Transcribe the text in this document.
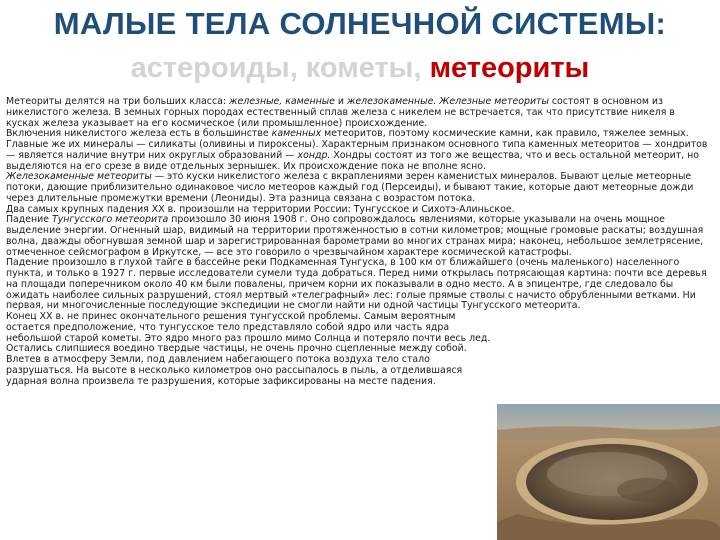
МАЛЫЕ ТЕЛА СОЛНЕЧНОЙ СИСТЕМЫ:
астероиды, кометы, метеориты

Метеориты делятся на три больших класса: железные, каменные и железокаменные. Железные метеориты состоят в основном из никелистого железа. В земных горных породах естественный сплав железа с никелем не встречается, так что присутствие никеля в кусках железа указывает на его космическое (или промышленное) происхождение.

Включения никелистого железа есть в большинстве каменных метеоритов, поэтому космические камни, как правило, тяжелее земных. Главные же их минералы — силикаты (оливины и пироксены). Характерным признаком основного типа каменных метеоритов — хондритов — является наличие внутри них округлых образований — хондр. Хондры состоят из того же вещества, что и весь остальной метеорит, но выделяются на его срезе в виде отдельных зернышек. Их происхождение пока не вполне ясно.

Железокаменные метеориты — это куски никелистого железа с вкраплениями зерен каменистых минералов. Бывают целые метеорные потоки, дающие приблизительно одинаковое число метеоров каждый год (Персеиды), и бывают такие, которые дают метеорные дожди через длительные промежутки времени (Леониды). Эта разница связана с возрастом потока.

Два самых крупных падения XX в. произошли на территории России: Тунгусское и Сихотэ-Алиньское.

Падение Тунгусского метеорита произошло 30 июня 1908 г. Оно сопровождалось явлениями, которые указывали на очень мощное выделение энергии. Огненный шар, видимый на территории протяженностью в сотни километров; мощные громовые раскаты; воздушная волна, дважды обогнувшая земной шар и зарегистрированная барометрами во многих странах мира; наконец, небольшое землетрясение, отмеченное сейсмографом в Иркутске, — все это говорило о чрезвычайном характере космической катастрофы.

Падение произошло в глухой тайге в бассейне реки Подкаменная Тунгуска, в 100 км от ближайшего (очень маленького) населенного пункта, и только в 1927 г. первые исследователи сумели туда добраться. Перед ними открылась потрясающая картина: почти все деревья на площади поперечником около 40 км были повалены, причем корни их показывали в одно место. А в эпицентре, где следовало бы ожидать наиболее сильных разрушений, стоял мертвый «телеграфный» лес: голые прямые стволы с начисто обрубленными ветками. Ни первая, ни многочисленные последующие экспедиции не смогли найти ни одной частицы Тунгусского метеорита.

Конец XX в. не принес окончательного решения тунгусской проблемы. Самым вероятным остается предположение, что тунгусское тело представляло собой ядро или часть ядра небольшой старой кометы. Это ядро много раз прошло мимо Солнца и потеряло почти весь лед. Остались слипшиеся воедино твердые частицы, не очень прочно сцепленные между собой. Влетев в атмосферу Земли, под давлением набегающего потока воздуха тело стало разрушаться. На высоте в несколько километров оно рассыпалось в пыль, а отделившаяся ударная волна произвела те разрушения, которые зафиксированы на месте падения.
